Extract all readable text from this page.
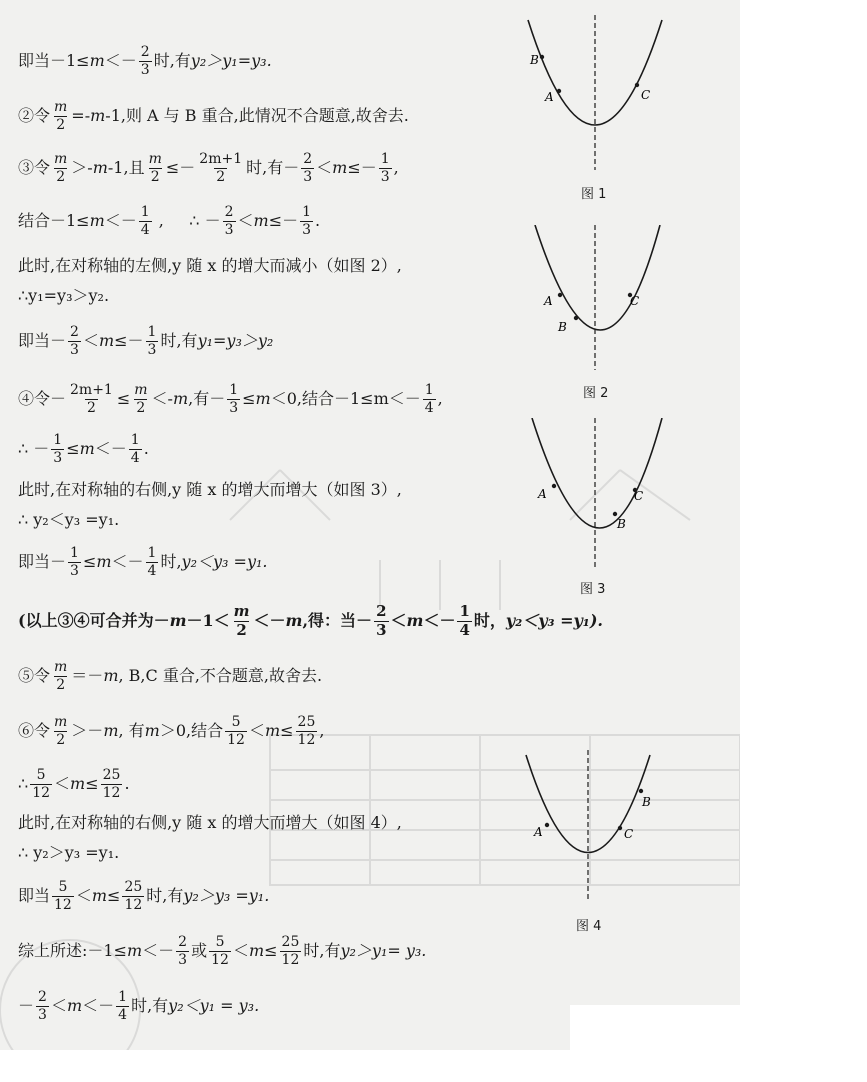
即当$-1\le m <- \frac{2}{3}$ 时,有 y₂＞y₁=y₃.
②令 $\frac{m}{2} =- m$ -1,则 A 与 B 重合,此情况不合题意,故舍去.
③令 $\frac{m}{2} >- m$ -1,且 $\frac{m}{2} \le- \frac{2m+1}{2}$ 时,有－ $\frac{2}{3} < m \le- \frac{1}{3}$ ,
结合$-1\le m <- \frac{1}{4}$ ,     ∴ － $\frac{2}{3} < m \le- \frac{1}{3}$ .
此时,在对称轴的左侧,y 随 x 的增大而减小（如图 2）,
∴y₁=y₃＞y₂.
即当－ $\frac{2}{3} < m \le- \frac{1}{3}$ 时,有 y₁=y₃＞y₂
④令－ $\frac{2m+1}{2} \le \frac{m}{2} <- m$ ,有－ $\frac{1}{3} \le m <0$,结合$-1\le m<- \frac{1}{4}$ ,
∴ － $\frac{1}{3} \le m <- \frac{1}{4}$ .
此时,在对称轴的右侧,y 随 x 的增大而增大（如图 3）,
∴ y₂＜y₃ =y₁.
即当－ $\frac{1}{3} \le m <- \frac{1}{4}$ 时, y₂＜y₃ =y₁.
(以上③④可合并为－ $m -1< \frac{m}{2} <- m$ ,得：当－ $\frac{2}{3} < m <- \frac{1}{4}$ 时， y₂＜y₃ =y₁).
⑤令 $\frac{m}{2} =- m$ , B,C 重合,不合题意,故舍去.
⑥令 $\frac{m}{2} >- m$ , 有 m ＞0,结合 $\frac{5}{12} < m \le \frac{25}{12}$ ,
∴ $\frac{5}{12} < m \le \frac{25}{12}$ .
此时,在对称轴的右侧,y 随 x 的增大而增大（如图 4）,
∴ y₂＞y₃ =y₁.
即当 $\frac{5}{12} < m \le \frac{25}{12}$ 时,有 y₂＞y₃ =y₁.
综上所述:－1≤ $m <- \frac{2}{3}$ 或 $\frac{5}{12} < m \le \frac{25}{12}$ 时,有 y₂＞y₁= y₃.
－ $\frac{2}{3} < m <- \frac{1}{4}$ 时,有 y₂＜y₁ = y₃.
B
A	C
图 1
A
B
C
图 2
A	C
B
图 3
B
A	C
图 4
